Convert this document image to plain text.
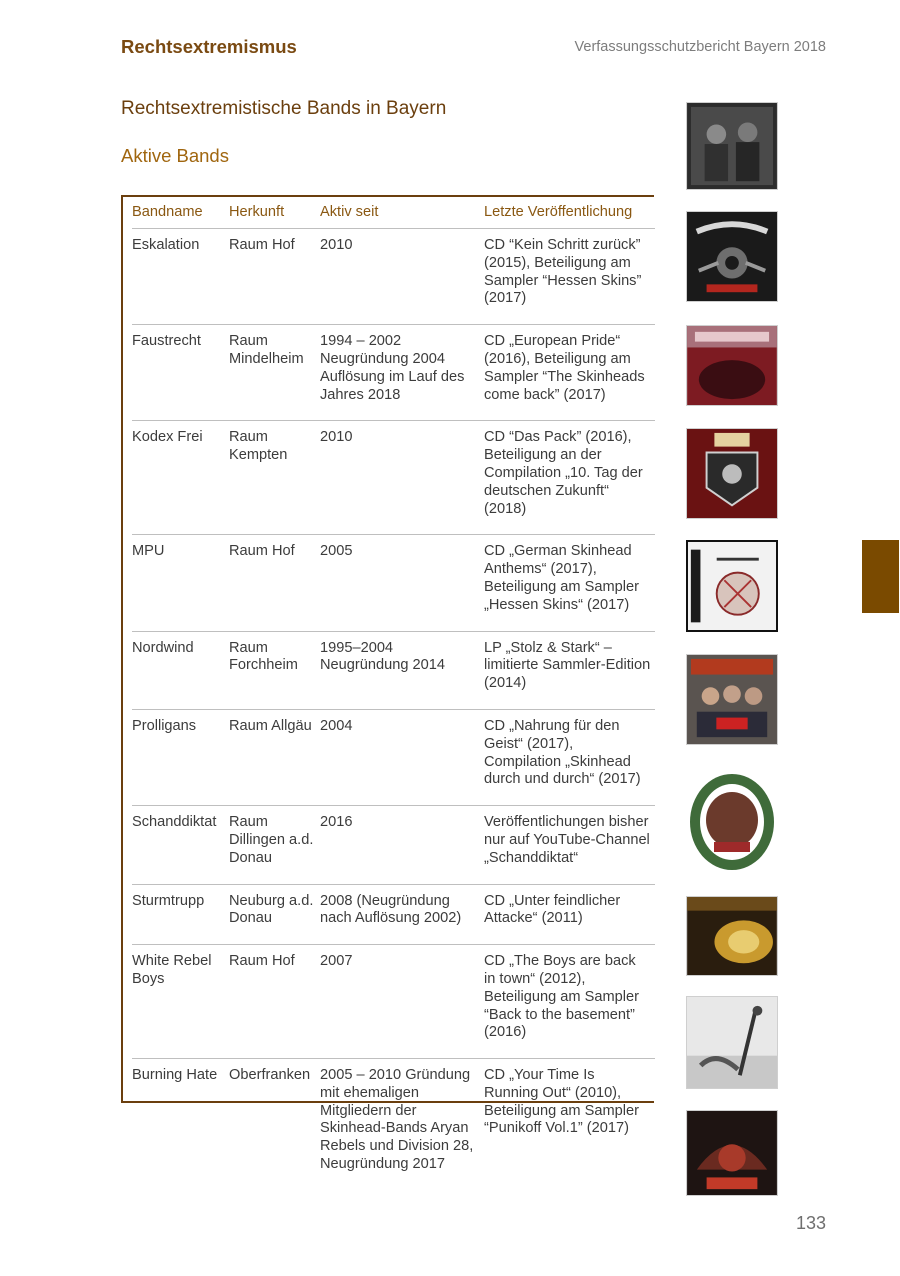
Rechtsextremismus	Verfassungsschutzbericht Bayern 2018
Rechtsextremistische Bands in Bayern
Aktive Bands
Bandname	Herkunft	Aktiv seit	Letzte Veröffentlichung
Eskalation	Raum Hof	2010	CD “Kein Schritt zurück” (2015), Beteiligung am Sampler “Hessen Skins” (2017)
Faustrecht	Raum Mindelheim	1994 – 2002 Neugründung 2004 Auflösung im Lauf des Jahres 2018	CD „European Pride“ (2016), Beteiligung am Sampler “The Skinheads come back” (2017)
Kodex Frei	Raum Kempten	2010	CD “Das Pack” (2016), Beteiligung an der Compilation „10. Tag der deutschen Zukunft“ (2018)
MPU	Raum Hof	2005	CD „German Skinhead Anthems“ (2017), Beteiligung am Sampler „Hessen Skins“ (2017)
Nordwind	Raum Forchheim	1995–2004 Neugründung 2014	LP „Stolz & Stark“ – limitierte Sammler-Edition (2014)
Prolligans	Raum Allgäu	2004	CD „Nahrung für den Geist“ (2017), Compilation „Skinhead durch und durch“ (2017)
Schanddiktat	Raum Dillingen a.d. Donau	2016	Veröffentlichungen bisher nur auf YouTube-Channel „Schanddiktat“
Sturmtrupp	Neuburg a.d. Donau	2008 (Neugründung nach Auflösung 2002)	CD „Unter feindlicher Attacke“ (2011)
White Rebel Boys	Raum Hof	2007	CD „The Boys are back in town“ (2012), Beteiligung am Sampler “Back to the basement” (2016)
Burning Hate	Oberfranken	2005 – 2010 Gründung mit ehemaligen Mitgliedern der Skinhead-Bands Aryan Rebels und Division 28, Neugründung 2017	CD „Your Time Is Running Out“ (2010), Beteiligung am Sampler “Punikoff Vol.1” (2017)
133
